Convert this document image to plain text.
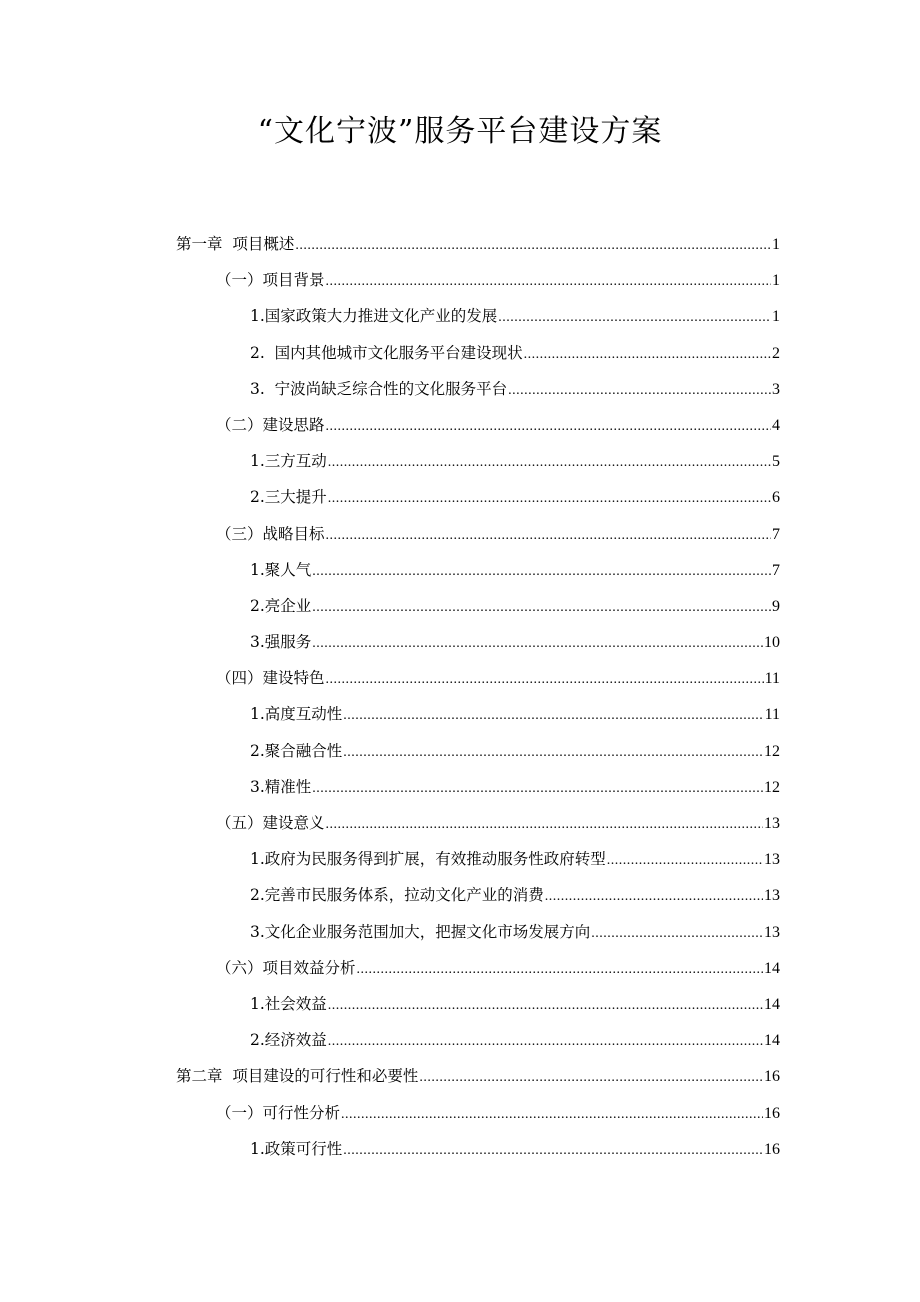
“文化宁波”服务平台建设方案
第一章  项目概述 .....	1
（一）项目背景 .....	1
1.国家政策大力推进文化产业的发展 .....	1
2.  国内其他城市文化服务平台建设现状 .....	2
3.  宁波尚缺乏综合性的文化服务平台 .....	3
（二）建设思路 .....	4
1.三方互动 .....	5
2.三大提升 .....	6
（三）战略目标 .....	7
1.聚人气 .....	7
2.亮企业 .....	9
3.强服务 .....	10
（四）建设特色 .....	11
1.高度互动性 .....	11
2.聚合融合性 .....	12
3.精准性 .....	12
（五）建设意义 .....	13
1.政府为民服务得到扩展，有效推动服务性政府转型 .....	13
2.完善市民服务体系，拉动文化产业的消费 .....	13
3.文化企业服务范围加大，把握文化市场发展方向 .....	13
（六）项目效益分析 .....	14
1.社会效益 .....	14
2.经济效益 .....	14
第二章  项目建设的可行性和必要性 .....	16
（一）可行性分析 .....	16
1.政策可行性 .....	16
